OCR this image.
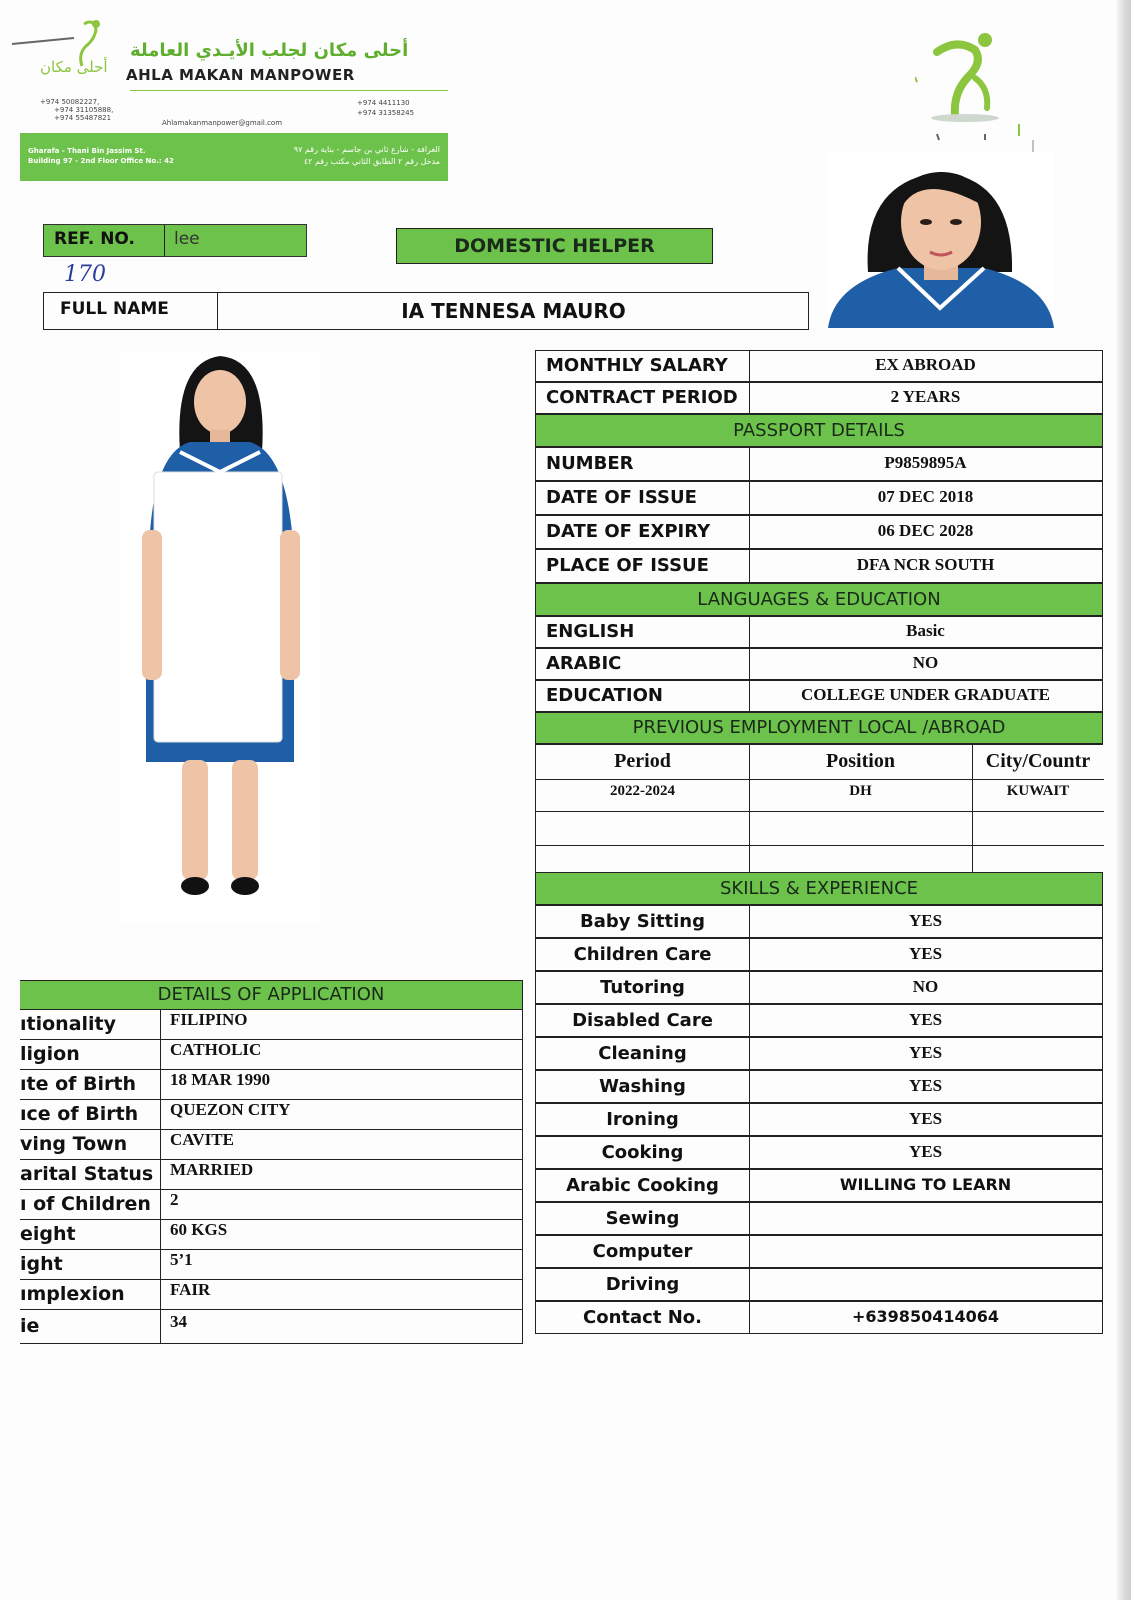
أحلى مكان
أحلى مكان لجلب الأيـدي العاملة
AHLA MAKAN MANPOWER
+974 50082227,
+974 31105888,
+974 55487821
Ahlamakanmanpower@gmail.com
+974 4411130
+974 31358245
Gharafa - Thani Bin Jassim St.
Building 97 - 2nd Floor Office No.: 42
الغرافة - شارع ثاني بن جاسم - بناية رقم ٩٧
مدخل رقم ٢ الطابق الثاني مكتب رقم ٤٢
REF. NO. lee
170
DOMESTIC HELPER
FULL NAME	IA TENNESA MAURO
MONTHLY SALARY	EX ABROAD
CONTRACT PERIOD	2 YEARS
PASSPORT DETAILS
NUMBER	P9859895A
DATE OF ISSUE	07 DEC 2018
DATE OF EXPIRY	06 DEC 2028
PLACE OF ISSUE	DFA NCR SOUTH
LANGUAGES & EDUCATION
ENGLISH	Basic
ARABIC	NO
EDUCATION	COLLEGE UNDER GRADUATE
PREVIOUS EMPLOYMENT LOCAL /ABROAD
Period	Position	City/Countr
2022-2024	DH	KUWAIT
SKILLS & EXPERIENCE
Baby Sitting	YES
Children Care	YES
Tutoring	NO
Disabled Care	YES
Cleaning	YES
Washing	YES
Ironing	YES
Cooking	YES
Arabic Cooking	WILLING TO LEARN
Sewing
Computer
Driving
Contact No.	+639850414064
DETAILS OF APPLICATION
ıtionality	FILIPINO
ligion	CATHOLIC
ıte of Birth 18 MAR 1990
ıce of Birth QUEZON CITY
ving Town	CAVITE
arital Status MARRIED
ı of Children 2
eight	60 KGS
ight	5’1
ımplexion	FAIR
ie	34
